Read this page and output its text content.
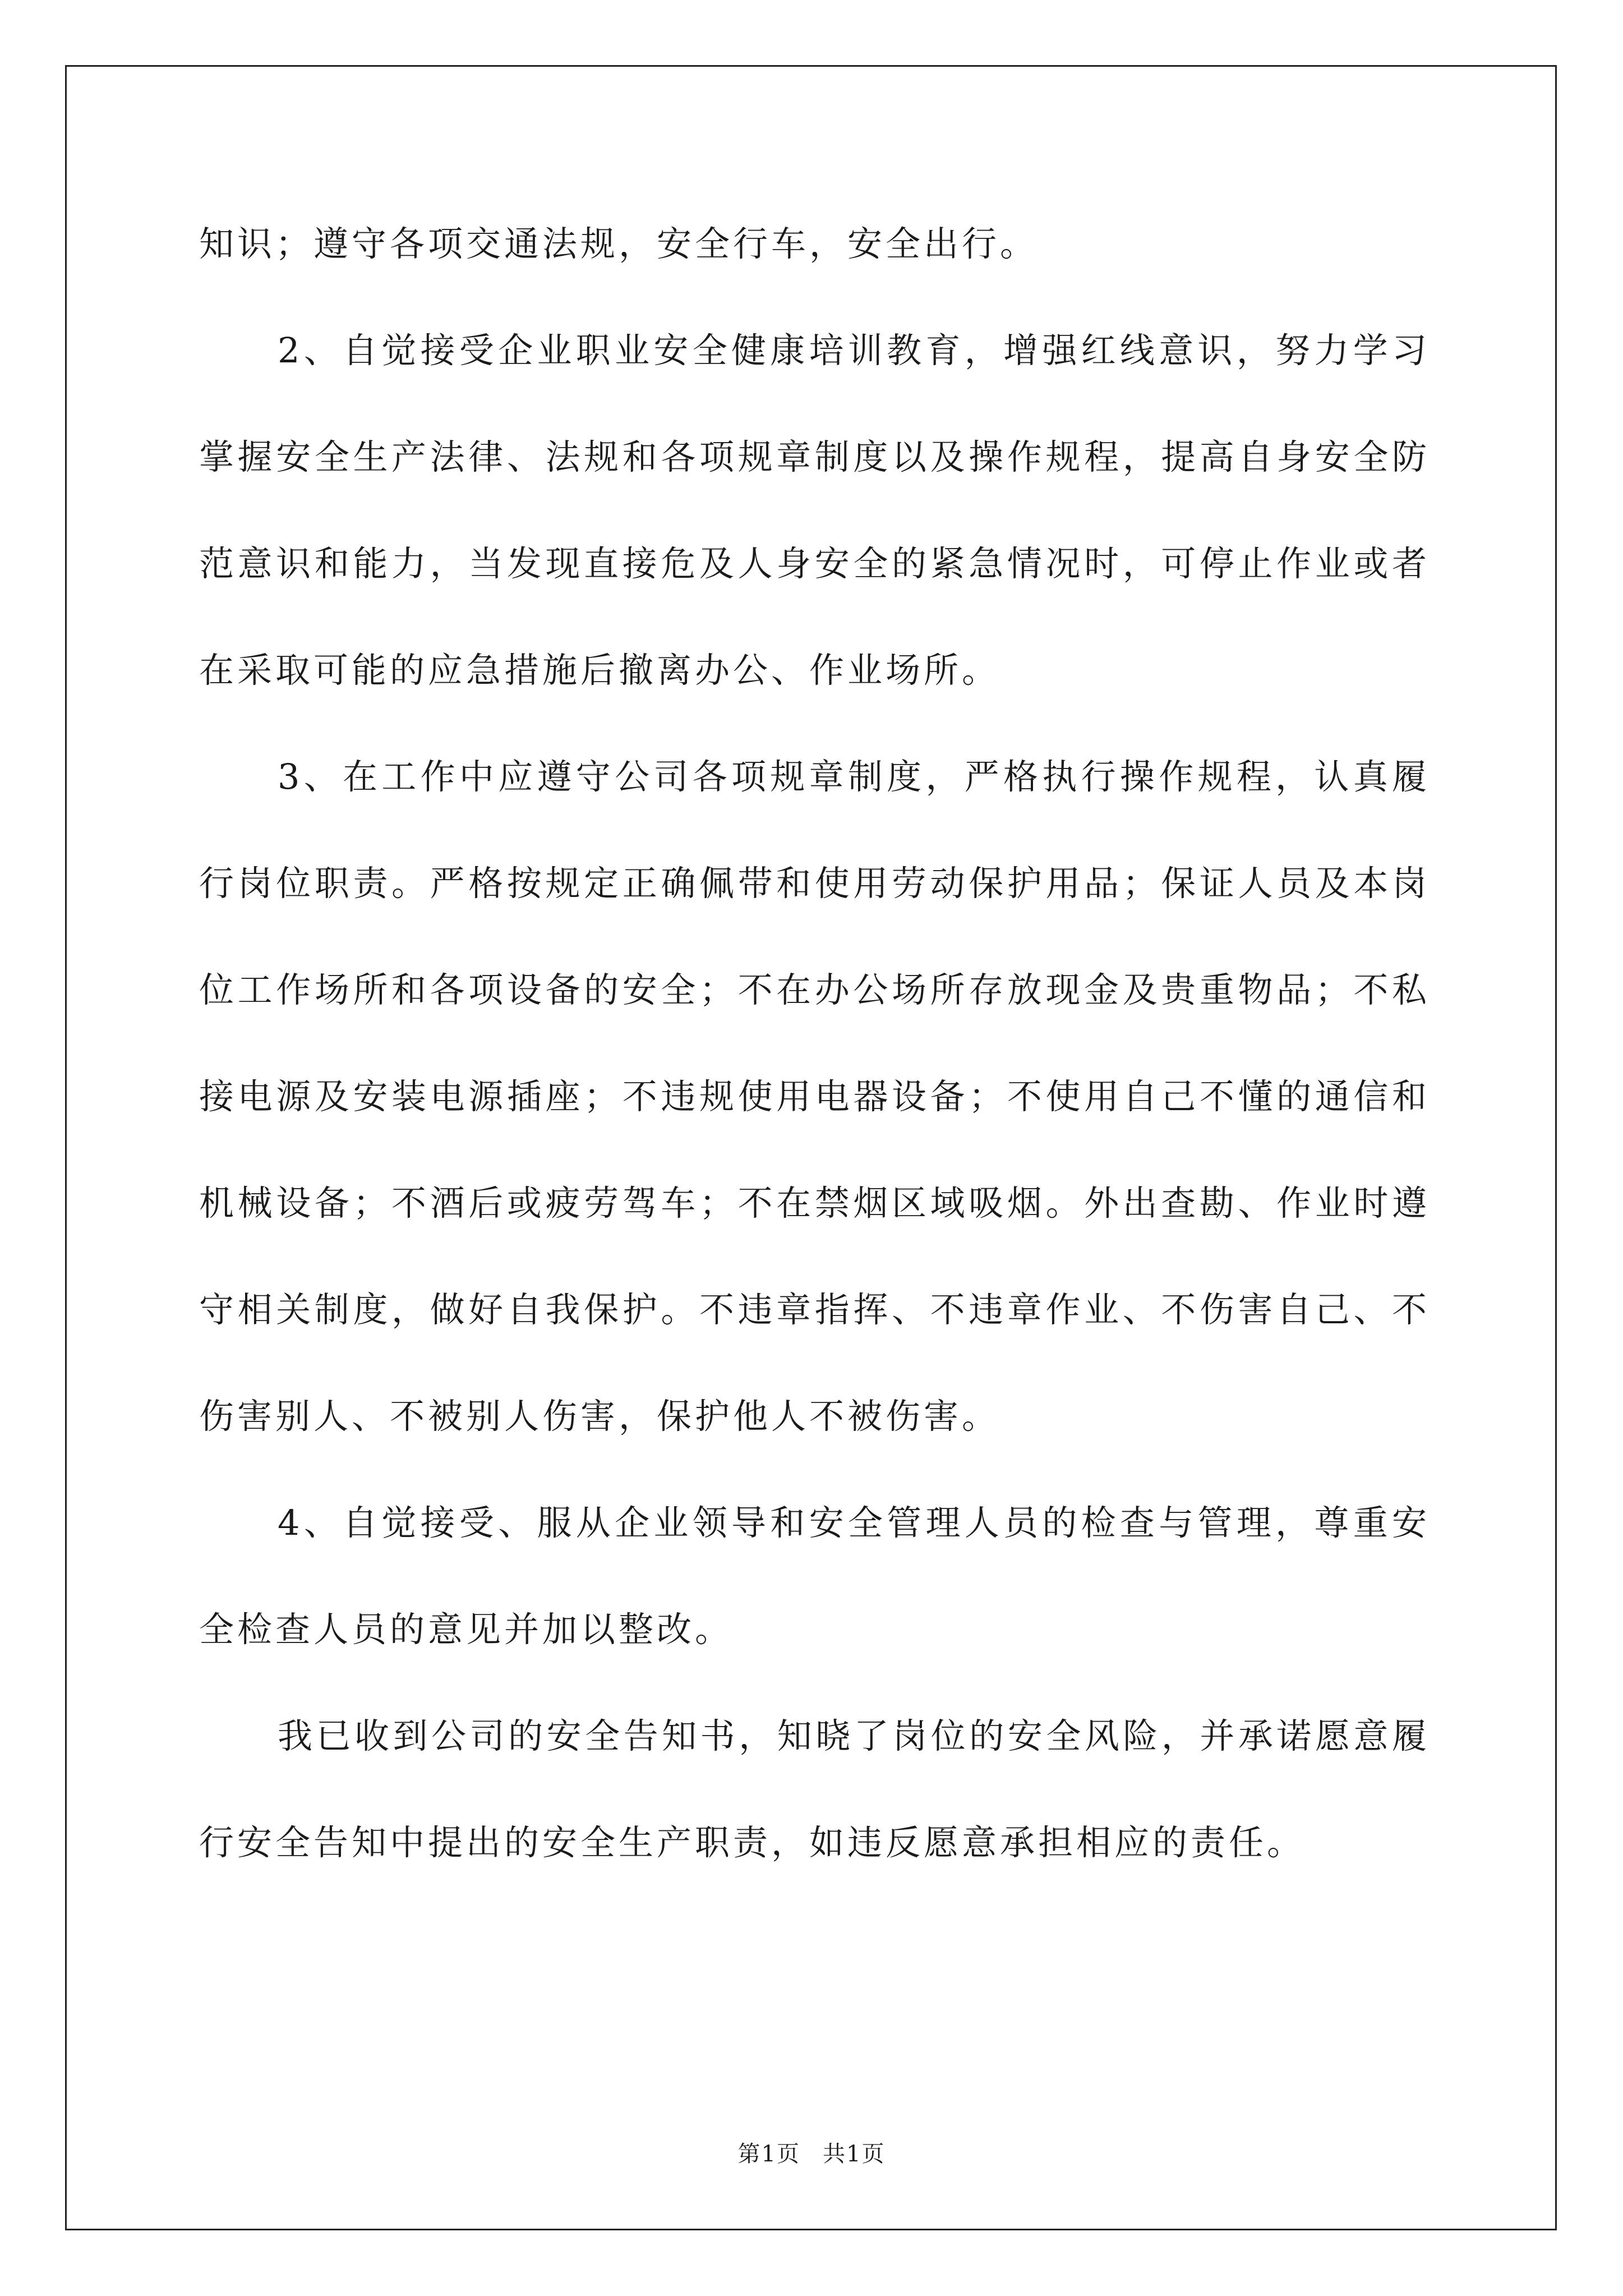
知识；遵守各项交通法规，安全行车，安全出行。

2、自觉接受企业职业安全健康培训教育，增强红线意识，努力学习掌握安全生产法律、法规和各项规章制度以及操作规程，提高自身安全防范意识和能力，当发现直接危及人身安全的紧急情况时，可停止作业或者在采取可能的应急措施后撤离办公、作业场所。

3、在工作中应遵守公司各项规章制度，严格执行操作规程，认真履行岗位职责。严格按规定正确佩带和使用劳动保护用品；保证人员及本岗位工作场所和各项设备的安全；不在办公场所存放现金及贵重物品；不私接电源及安装电源插座；不违规使用电器设备；不使用自己不懂的通信和机械设备；不酒后或疲劳驾车；不在禁烟区域吸烟。外出查勘、作业时遵守相关制度，做好自我保护。不违章指挥、不违章作业、不伤害自己、不伤害别人、不被别人伤害，保护他人不被伤害。

4、自觉接受、服从企业领导和安全管理人员的检查与管理，尊重安全检查人员的意见并加以整改。

我已收到公司的安全告知书，知晓了岗位的安全风险，并承诺愿意履行安全告知中提出的安全生产职责，如违反愿意承担相应的责任。

第1页 共1页
